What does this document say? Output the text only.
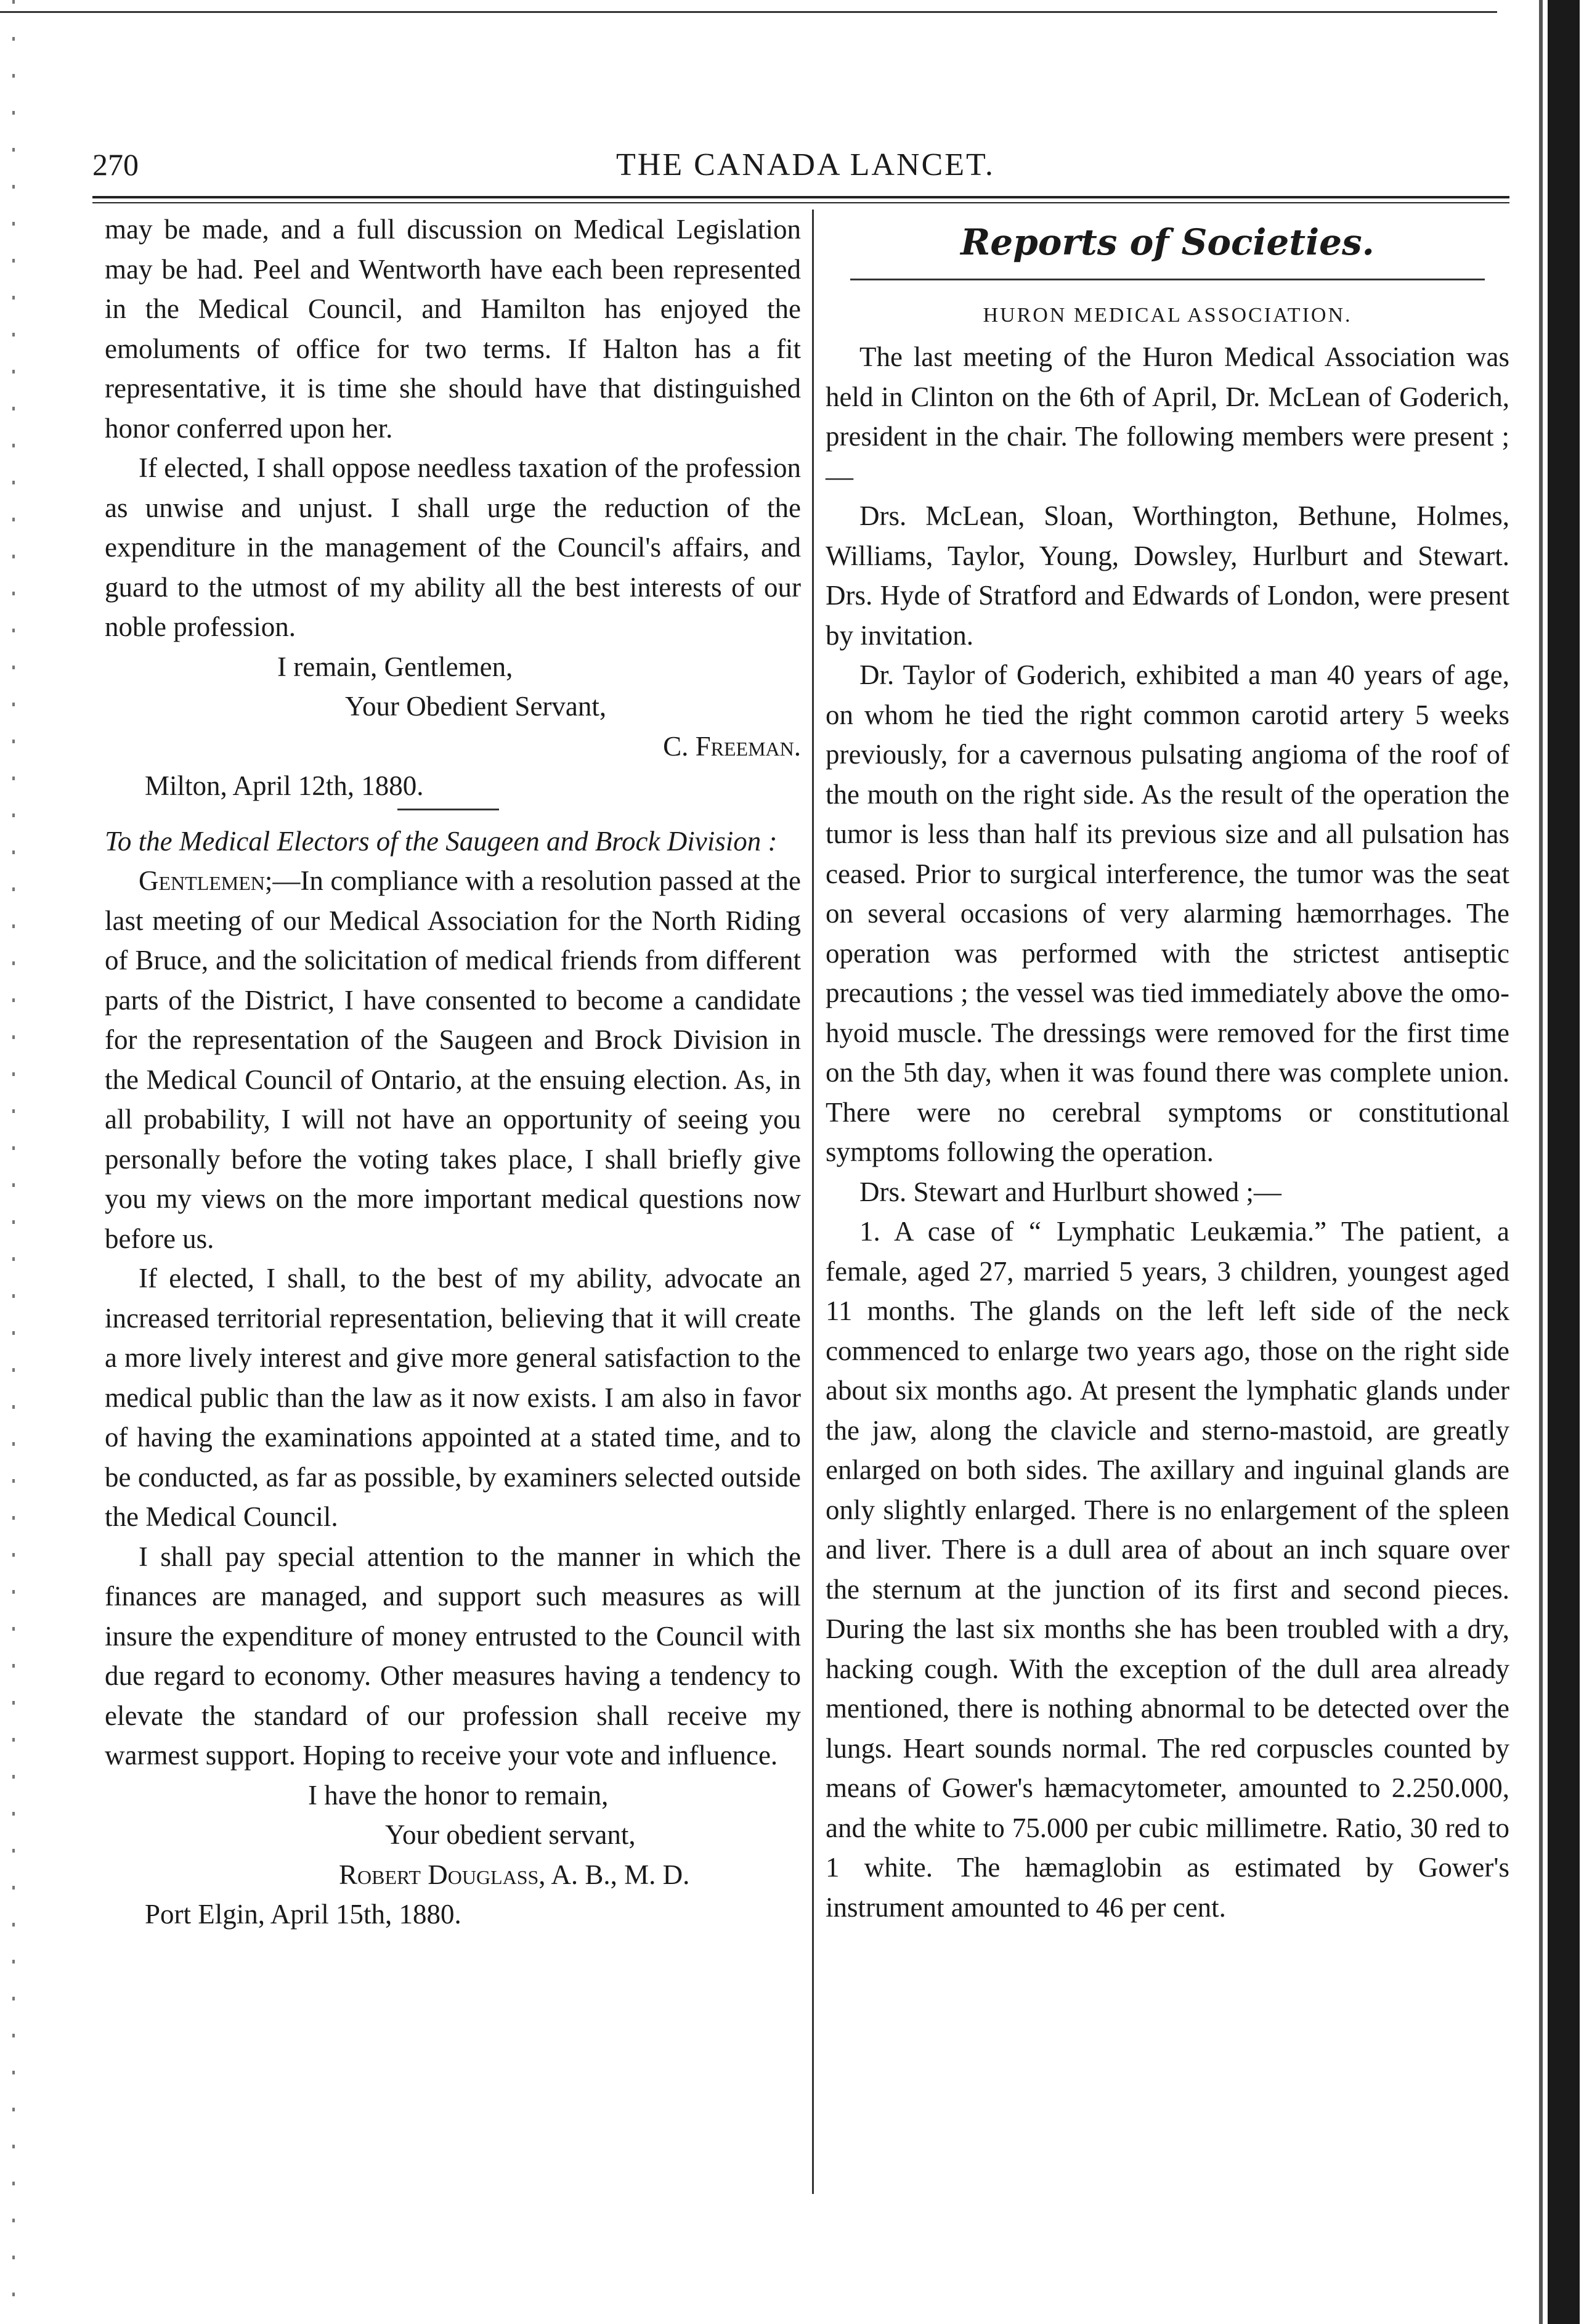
270	THE CANADA LANCET.

may be made, and a full discussion on Medical Legislation may be had. Peel and Wentworth have each been represented in the Medical Council, and Hamilton has enjoyed the emoluments of office for two terms. If Halton has a fit representative, it is time she should have that distinguished honor conferred upon her.

If elected, I shall oppose needless taxation of the profession as unwise and unjust. I shall urge the reduction of the expenditure in the management of the Council's affairs, and guard to the utmost of my ability all the best interests of our noble profession.

I remain, Gentlemen,

Your Obedient Servant,

C. Freeman.

Milton, April 12th, 1880.

To the Medical Electors of the Saugeen and Brock Division :

Gentlemen;—In compliance with a resolution passed at the last meeting of our Medical Association for the North Riding of Bruce, and the solicitation of medical friends from different parts of the District, I have consented to become a candidate for the representation of the Saugeen and Brock Division in the Medical Council of Ontario, at the ensuing election. As, in all probability, I will not have an opportunity of seeing you personally before the voting takes place, I shall briefly give you my views on the more important medical questions now before us.

If elected, I shall, to the best of my ability, advocate an increased territorial representation, believing that it will create a more lively interest and give more general satisfaction to the medical public than the law as it now exists. I am also in favor of having the examinations appointed at a stated time, and to be conducted, as far as possible, by examiners selected outside the Medical Council.

I shall pay special attention to the manner in which the finances are managed, and support such measures as will insure the expenditure of money entrusted to the Council with due regard to economy. Other measures having a tendency to elevate the standard of our profession shall receive my warmest support. Hoping to receive your vote and influence.

I have the honor to remain,

Your obedient servant,

Robert Douglass, A. B., M. D.

Port Elgin, April 15th, 1880.

Reports of Societies.

HURON MEDICAL ASSOCIATION.

The last meeting of the Huron Medical Association was held in Clinton on the 6th of April, Dr. McLean of Goderich, president in the chair. The following members were present ;—

Drs. McLean, Sloan, Worthington, Bethune, Holmes, Williams, Taylor, Young, Dowsley, Hurlburt and Stewart. Drs. Hyde of Stratford and Edwards of London, were present by invitation.

Dr. Taylor of Goderich, exhibited a man 40 years of age, on whom he tied the right common carotid artery 5 weeks previously, for a cavernous pulsating angioma of the roof of the mouth on the right side. As the result of the operation the tumor is less than half its previous size and all pulsation has ceased. Prior to surgical interference, the tumor was the seat on several occasions of very alarming hæmorrhages. The operation was performed with the strictest antiseptic precautions ; the vessel was tied immediately above the omo-hyoid muscle. The dressings were removed for the first time on the 5th day, when it was found there was complete union. There were no cerebral symptoms or constitutional symptoms following the operation.

Drs. Stewart and Hurlburt showed ;—

1. A case of “ Lymphatic Leukæmia.” The patient, a female, aged 27, married 5 years, 3 children, youngest aged 11 months. The glands on the left left side of the neck commenced to enlarge two years ago, those on the right side about six months ago. At present the lymphatic glands under the jaw, along the clavicle and sterno-mastoid, are greatly enlarged on both sides. The axillary and inguinal glands are only slightly enlarged. There is no enlargement of the spleen and liver. There is a dull area of about an inch square over the sternum at the junction of its first and second pieces. During the last six months she has been troubled with a dry, hacking cough. With the exception of the dull area already mentioned, there is nothing abnormal to be detected over the lungs. Heart sounds normal. The red corpuscles counted by means of Gower's hæmacytometer, amounted to 2.250.000, and the white to 75.000 per cubic millimetre. Ratio, 30 red to 1 white. The hæmaglobin as estimated by Gower's instrument amounted to 46 per cent.
